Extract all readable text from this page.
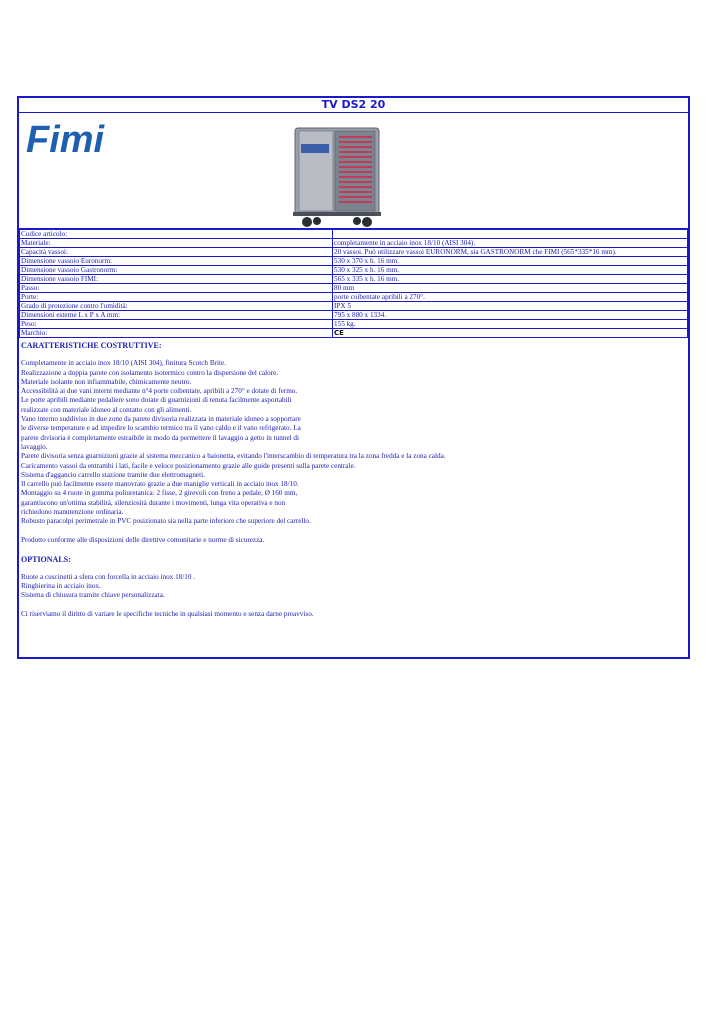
TV DS2 20
Fimi
Codice articolo:	
Materiale:	completamente in acciaio inox 18/10 (AISI 304).
Capacità vassoi:	20 vassoi. Può utilizzare vassoi EURONORM, sia GASTRONORM che FIMI (565*335*16 mm).
Dimensione vassoio Euronorm:	530 x 370 x h. 16 mm.
Dimensione vassoio Gastronorm:	530 x 325 x h. 16 mm.
Dimensione vassoio FIMI:	565 x 335 x h. 16 mm.
Passo:	80 mm
Porte:	porte coibentate apribili a 270°.
Grado di protezione contro l'umidità:	IPX 5
Dimensioni esterne L x P x A mm:	795 x 880 x 1334.
Peso:	155 kg.
Marchio:	CE

CARATTERISTICHE COSTRUTTIVE:

Completamente in acciaio inox 18/10 (AISI 304), finitura Scotch Brite.

Realizzazione a doppia parete con isolamento isotermico contro la dispersione del calore.

Materiale isolante non infiammabile, chimicamente neutro.

Accessibilità ai due vani interni mediante n°4 porte coibentate, apribili a 270° e dotate di fermo.

Le porte apribili mediante pedaliere sono dotate di guarnizioni di tenuta facilmente asportabili

realizzate con materiale idoneo al contatto con gli alimenti.

Vano interno suddiviso in due zone da parete divisoria realizzata in materiale idoneo a sopportare

le diverse temperature e ad impedire lo scambio termico tra il vano caldo e il vano refrigerato. La

parete divisoria è completamente estraibile in modo da permettere il lavaggio a getto in tunnel di

lavaggio.

Parete divisoria senza guarnizioni grazie al sistema meccanico a baionetta, evitando l'interscambio di temperatura tra la zona fredda e la zona calda.

Caricamento vassoi da entrambi i lati, facile e veloce posizionamento grazie alle guide presenti sulla parete centrale.

Sistema d'aggancio carrello stazione tramite due elettromagneti.

Il carrello può facilmente essere manovrato grazie a due maniglie verticali in acciaio inox 18/10.

Montaggio su 4 ruote in gomma poliuretanica: 2 fisse, 2 girevoli con freno a pedale, Ø 160 mm,

garantiscono un'ottima stabilità, silenziosità durante i movimenti, lunga vita operativa e non

richiedono manutenzione ordinaria.

Robusto paracolpi perimetrale in PVC posizionato sia nella parte inferiore che superiore del carrello.

Prodotto conforme alle disposizioni delle direttive comunitarie e norme di sicurezza.

OPTIONALS:

Ruote a cuscinetti a sfera con forcella in acciaio inox 18/10 .

Ringhierina in acciaio inox.

Sistema di chiusura tramite chiave personalizzata.

Ci riserviamo il diritto di variare le specifiche tecniche in qualsiasi momento e senza darne preavviso.
